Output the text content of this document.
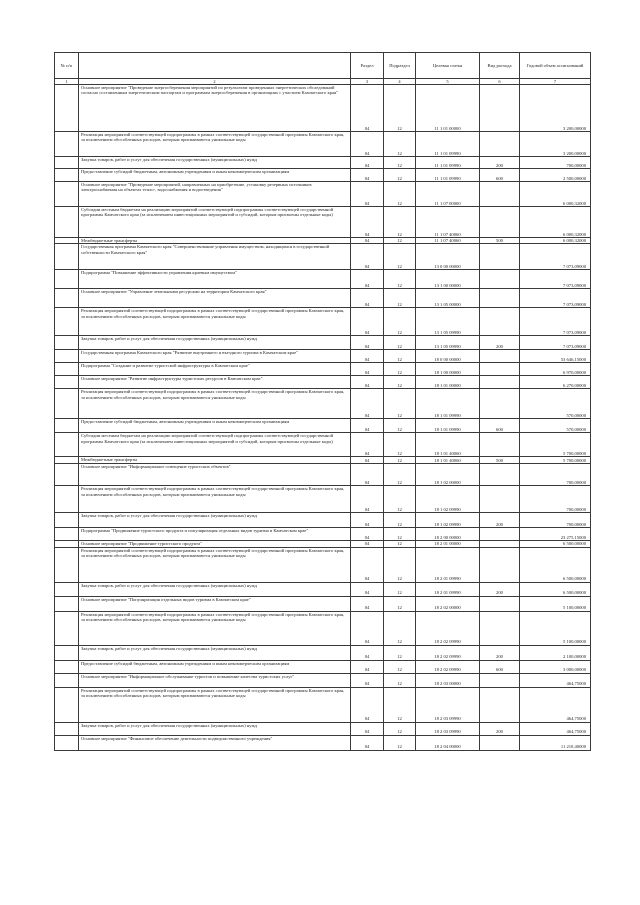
№ п/п		Раздел	Подраздел	Целевая статья	Вид расхода	Годовой объем ассигнований
1	2	3	4	5	6	7
	Основное мероприятие "Проведение энергосбережения мероприятий по результатам проведенных энергетических обследований согласно составленным энергетическим паспортам и программам энергосбережения в организациях с участием Камчатского края"	04	12	11 1 01 00000		3 200,00000
	Реализация мероприятий соответствующей подпрограммы в рамках соответствующей государственной программы Камчатского края, за исключением обособленных расходов, которым присваиваются уникальные коды	04	12	11 1 01 09990		3 200,00000
	Закупка товаров, работ и услуг для обеспечения государственных (муниципальных) нужд	04	12	11 1 01 09990	200	700,00000
	Предоставление субсидий бюджетным, автономным учреждениям и иным некоммерческим организациям	04	12	11 1 01 09990	600	2 500,00000
	Основное мероприятие "Проведение мероприятий, направленных на приобретение, установку резервных источников электроснабжения на объектах тепло-, водоснабжения и водоотведения"	04	12	11 1 07 00000		6 000,32000
	Субсидии местным бюджетам на реализацию мероприятий соответствующей подпрограммы соответствующей государственной программы Камчатского края (за исключением инвестиционных мероприятий и субсидий, которым присвоены отдельные коды)	04	12	11 1 07 40060		6 000,32000
	Межбюджетные трансферты	04	12	11 1 07 40060	500	6 000,32000
	Государственная программа Камчатского края "Совершенствование управления имуществом, находящимся в государственной собственности Камчатского края"	04	12	13 0 00 00000		7 073,09000
	Подпрограмма "Повышение эффективности управления краевым имуществом"	04	12	13 1 00 00000		7 073,09000
	Основное мероприятие "Управление земельными ресурсами на территории Камчатского края"	04	12	13 1 05 00000		7 073,09000
	Реализация мероприятий соответствующей подпрограммы в рамках соответствующей государственной программы Камчатского края, за исключением обособленных расходов, которым присваиваются уникальные коды	04	12	13 1 05 09990		7 073,09000
	Закупка товаров, работ и услуг для обеспечения государственных (муниципальных) нужд	04	12	13 1 05 09990	200	7 073,09000
	Государственная программа Камчатского края "Развитие внутреннего и въездного туризма в Камчатском крае"	04	12	18 0 00 00000		53 646,15000
	Подпрограмма "Создание и развитие туристской инфраструктуры в Камчатском крае"	04	12	18 1 00 00000		6 970,00000
	Основное мероприятие "Развитие инфраструктуры туристских ресурсов в Камчатском крае"	04	12	18 1 01 00000		6 270,00000
	Реализация мероприятий соответствующей подпрограммы в рамках соответствующей государственной программы Камчатского края, за исключением обособленных расходов, которым присваиваются уникальные коды	04	12	18 1 01 09990		570,00000
	Предоставление субсидий бюджетным, автономным учреждениям и иным некоммерческим организациям	04	12	18 1 01 09990	600	570,00000
	Субсидии местным бюджетам на реализацию мероприятий соответствующей подпрограммы соответствующей государственной программы Камчатского края (за исключением инвестиционных мероприятий и субсидий, которым присвоены отдельные коды)	04	12	18 1 01 40060		5 700,00000
	Межбюджетные трансферты	04	12	18 1 01 40060	500	5 700,00000
	Основное мероприятие "Информационное освещение туристских объектов"	04	12	18 1 02 00000		700,00000
	Реализация мероприятий соответствующей подпрограммы в рамках соответствующей государственной программы Камчатского края, за исключением обособленных расходов, которым присваиваются уникальные коды	04	12	18 1 02 09990		700,00000
	Закупка товаров, работ и услуг для обеспечения государственных (муниципальных) нужд	04	12	18 1 02 09990	200	700,00000
	Подпрограмма "Продвижение туристского продукта и популяризация отдельных видов туризма в Камчатском крае"	04	12	18 2 00 00000		23 275,15000
	Основное мероприятие "Продвижение туристского продукта"	04	12	18 2 01 00000		6 500,00000
	Реализация мероприятий соответствующей подпрограммы в рамках соответствующей государственной программы Камчатского края, за исключением обособленных расходов, которым присваиваются уникальные коды	04	12	18 2 01 09990		6 500,00000
	Закупка товаров, работ и услуг для обеспечения государственных (муниципальных) нужд	04	12	18 2 01 09990	200	6 500,00000
	Основное мероприятие "Популяризация отдельных видов туризма в Камчатском крае"	04	12	18 2 02 00000		5 100,00000
	Реализация мероприятий соответствующей подпрограммы в рамках соответствующей государственной программы Камчатского края, за исключением обособленных расходов, которым присваиваются уникальные коды	04	12	18 2 02 09990		5 100,00000
	Закупка товаров, работ и услуг для обеспечения государственных (муниципальных) нужд	04	12	18 2 02 09990	200	2 100,00000
	Предоставление субсидий бюджетным, автономным учреждениям и иным некоммерческим организациям	04	12	18 2 02 09990	600	3 000,00000
	Основное мероприятие "Информационное обслуживание туристов и повышение качества туристских услуг"	04	12	18 2 03 00000		464,75000
	Реализация мероприятий соответствующей подпрограммы в рамках соответствующей государственной программы Камчатского края, за исключением обособленных расходов, которым присваиваются уникальные коды	04	12	18 2 03 09990		464,75000
	Закупка товаров, работ и услуг для обеспечения государственных (муниципальных) нужд	04	12	18 2 03 09990	200	464,75000
	Основное мероприятие "Финансовое обеспечение деятельности подведомственного учреждения"	04	12	18 2 04 00000		11 210,40000
